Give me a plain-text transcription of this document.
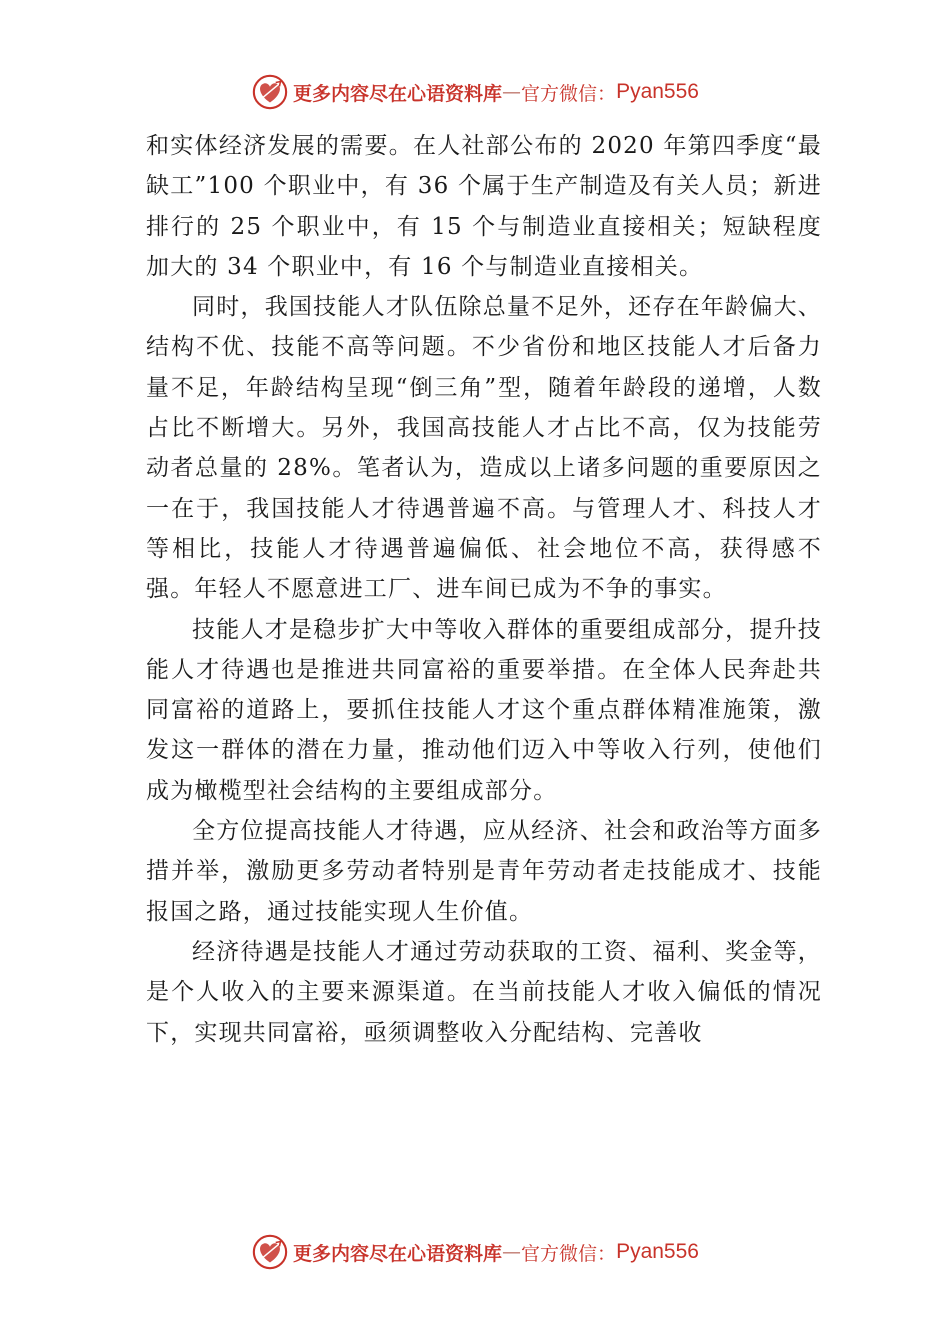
更多内容尽在心语资料库 — 官方微信： Pyan556

和实体经济发展的需要。在人社部公布的 2020 年第四季度“最缺工”100 个职业中，有 36 个属于生产制造及有关人员；新进排行的 25 个职业中，有 15 个与制造业直接相关；短缺程度加大的 34 个职业中，有 16 个与制造业直接相关。

同时，我国技能人才队伍除总量不足外，还存在年龄偏大、结构不优、技能不高等问题。不少省份和地区技能人才后备力量不足，年龄结构呈现“倒三角”型，随着年龄段的递增，人数占比不断增大。另外，我国高技能人才占比不高，仅为技能劳动者总量的 28%。笔者认为，造成以上诸多问题的重要原因之一在于，我国技能人才待遇普遍不高。与管理人才、科技人才等相比，技能人才待遇普遍偏低、社会地位不高，获得感不强。年轻人不愿意进工厂、进车间已成为不争的事实。

技能人才是稳步扩大中等收入群体的重要组成部分，提升技能人才待遇也是推进共同富裕的重要举措。在全体人民奔赴共同富裕的道路上，要抓住技能人才这个重点群体精准施策，激发这一群体的潜在力量，推动他们迈入中等收入行列，使他们成为橄榄型社会结构的主要组成部分。

全方位提高技能人才待遇，应从经济、社会和政治等方面多措并举，激励更多劳动者特别是青年劳动者走技能成才、技能报国之路，通过技能实现人生价值。

经济待遇是技能人才通过劳动获取的工资、福利、奖金等，是个人收入的主要来源渠道。在当前技能人才收入偏低的情况下，实现共同富裕，亟须调整收入分配结构、完善收

更多内容尽在心语资料库 — 官方微信： Pyan556
